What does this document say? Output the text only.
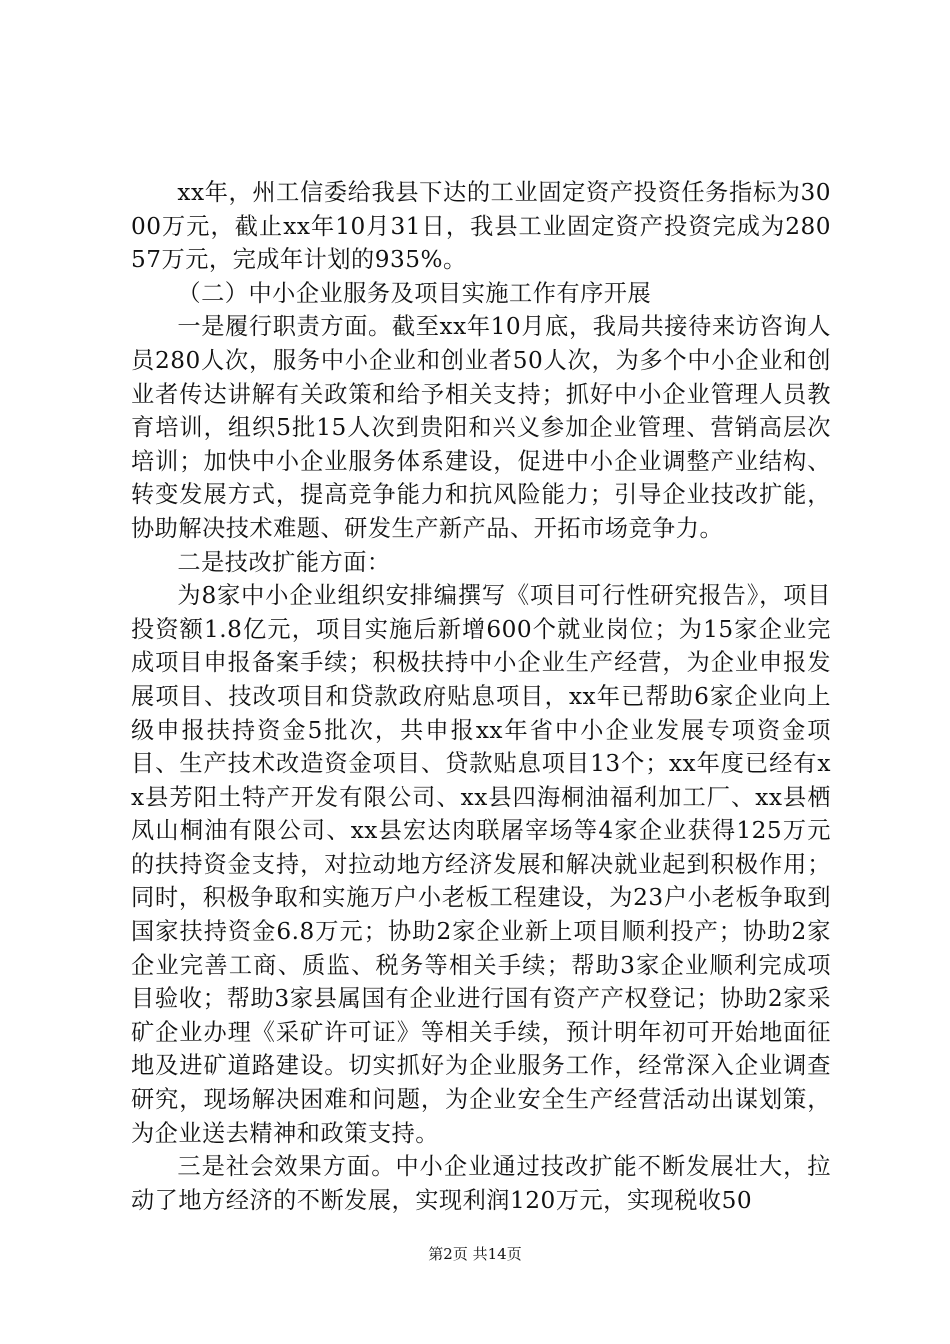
xx年，州工信委给我县下达的工业固定资产投资任务指标为3000万元，截止xx年10月31日，我县工业固定资产投资完成为28057万元，完成年计划的935%。

（二）中小企业服务及项目实施工作有序开展

一是履行职责方面。截至xx年10月底，我局共接待来访咨询人员280人次，服务中小企业和创业者50人次，为多个中小企业和创业者传达讲解有关政策和给予相关支持；抓好中小企业管理人员教育培训，组织5批15人次到贵阳和兴义参加企业管理、营销高层次培训；加快中小企业服务体系建设，促进中小企业调整产业结构、转变发展方式，提高竞争能力和抗风险能力；引导企业技改扩能，协助解决技术难题、研发生产新产品、开拓市场竞争力。

二是技改扩能方面：

为8家中小企业组织安排编撰写《项目可行性研究报告》，项目投资额1.8亿元，项目实施后新增600个就业岗位；为15家企业完成项目申报备案手续；积极扶持中小企业生产经营，为企业申报发展项目、技改项目和贷款政府贴息项目，xx年已帮助6家企业向上级申报扶持资金5批次，共申报xx年省中小企业发展专项资金项目、生产技术改造资金项目、贷款贴息项目13个；xx年度已经有xx县芳阳土特产开发有限公司、xx县四海桐油福利加工厂、xx县栖凤山桐油有限公司、xx县宏达肉联屠宰场等4家企业获得125万元的扶持资金支持，对拉动地方经济发展和解决就业起到积极作用；同时，积极争取和实施万户小老板工程建设，为23户小老板争取到国家扶持资金6.8万元；协助2家企业新上项目顺利投产；协助2家企业完善工商、质监、税务等相关手续；帮助3家企业顺利完成项目验收；帮助3家县属国有企业进行国有资产产权登记；协助2家采矿企业办理《采矿许可证》等相关手续，预计明年初可开始地面征地及进矿道路建设。切实抓好为企业服务工作，经常深入企业调查研究，现场解决困难和问题，为企业安全生产经营活动出谋划策，为企业送去精神和政策支持。

三是社会效果方面。中小企业通过技改扩能不断发展壮大，拉动了地方经济的不断发展，实现利润120万元，实现税收50

第2页 共14页
